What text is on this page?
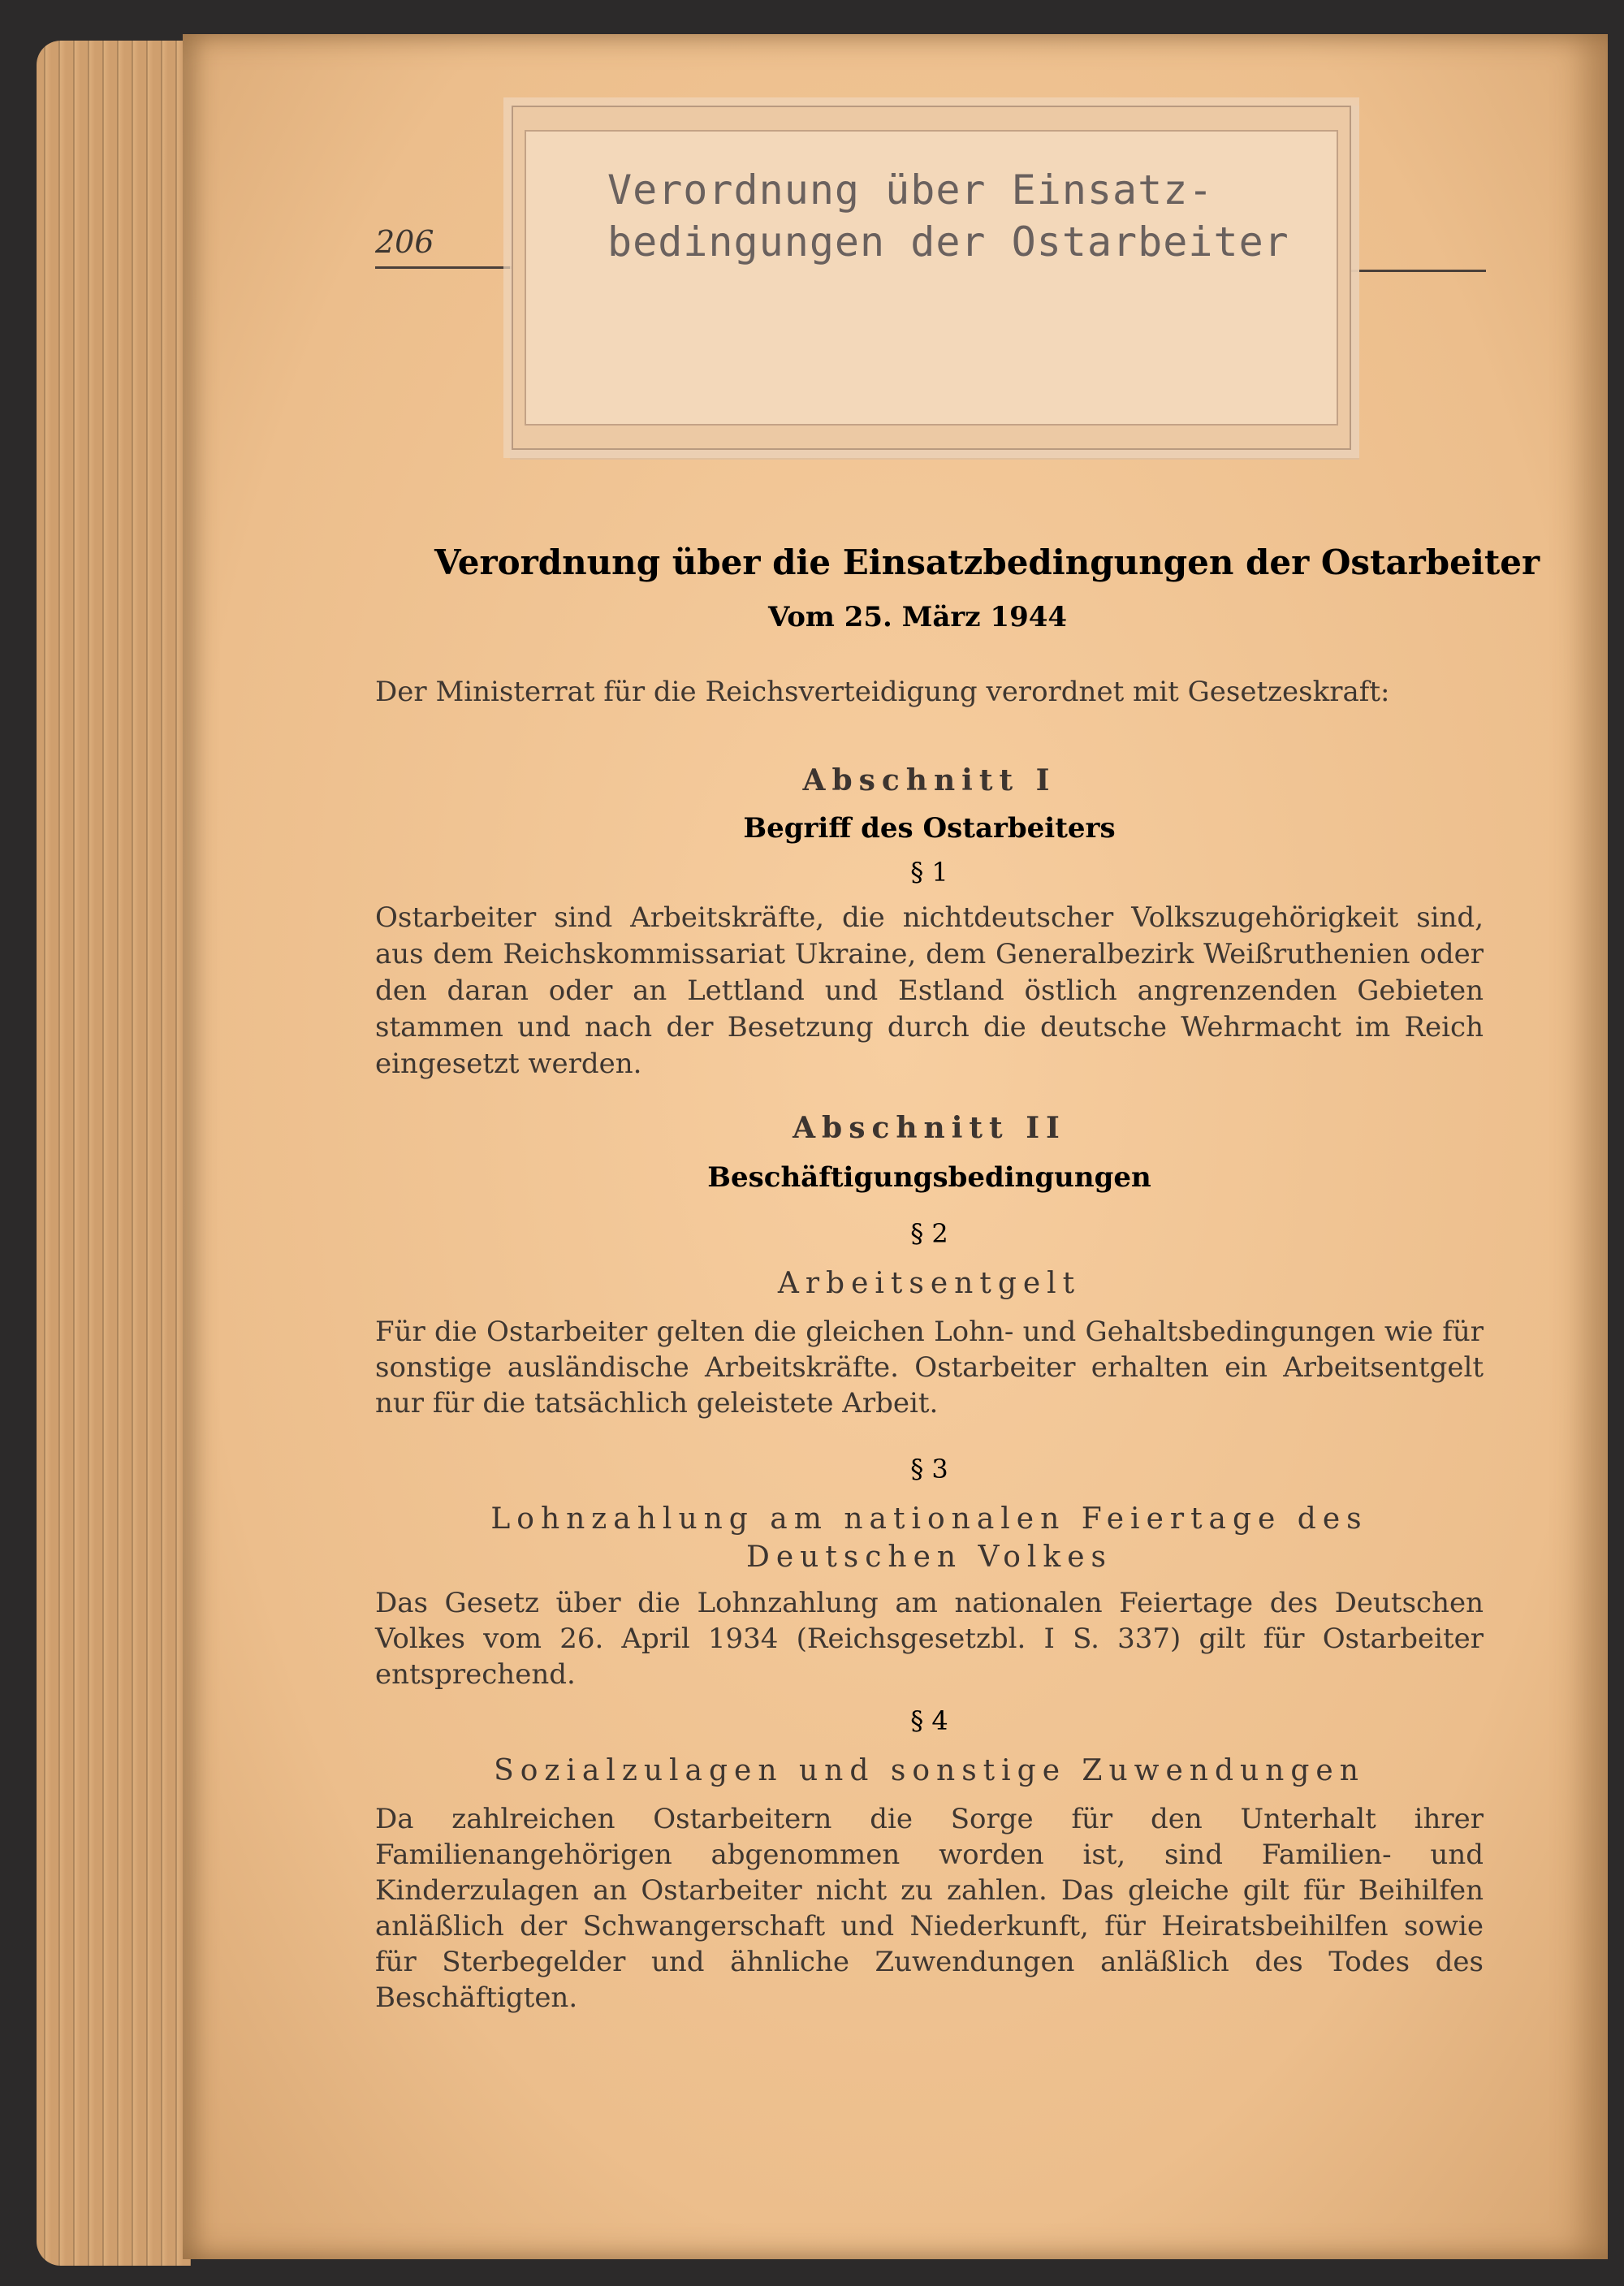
206
Verordnung über Einsatz-
bedingungen der Ostarbeiter
Verordnung über die Einsatzbedingungen der Ostarbeiter
Vom 25. März 1944
Der Ministerrat für die Reichsverteidigung verordnet mit Gesetzeskraft:
Abschnitt I
Begriff des Ostarbeiters
§ 1
Ostarbeiter sind Arbeitskräfte, die nichtdeutscher Volkszugehörigkeit sind, aus dem Reichskommissariat Ukraine, dem Generalbezirk Weißruthenien oder den daran oder an Lettland und Estland östlich angrenzenden Gebieten stammen und nach der Besetzung durch die deutsche Wehrmacht im Reich eingesetzt werden.
Abschnitt II
Beschäftigungsbedingungen
§ 2
Arbeitsentgelt
Für die Ostarbeiter gelten die gleichen Lohn- und Gehaltsbedingungen wie für sonstige ausländische Arbeitskräfte. Ostarbeiter erhalten ein Arbeitsentgelt nur für die tatsächlich geleistete Arbeit.
§ 3
Lohnzahlung am nationalen Feiertage des
Deutschen Volkes
Das Gesetz über die Lohnzahlung am nationalen Feiertage des Deutschen Volkes vom 26. April 1934 (Reichsgesetzbl. I S. 337) gilt für Ostarbeiter entsprechend.
§ 4
Sozialzulagen und sonstige Zuwendungen
Da zahlreichen Ostarbeitern die Sorge für den Unterhalt ihrer Familienangehörigen abgenommen worden ist, sind Familien- und Kinderzulagen an Ostarbeiter nicht zu zahlen. Das gleiche gilt für Beihilfen anläßlich der Schwangerschaft und Niederkunft, für Heiratsbeihilfen sowie für Sterbegelder und ähnliche Zuwendungen anläßlich des Todes des Beschäftigten.
